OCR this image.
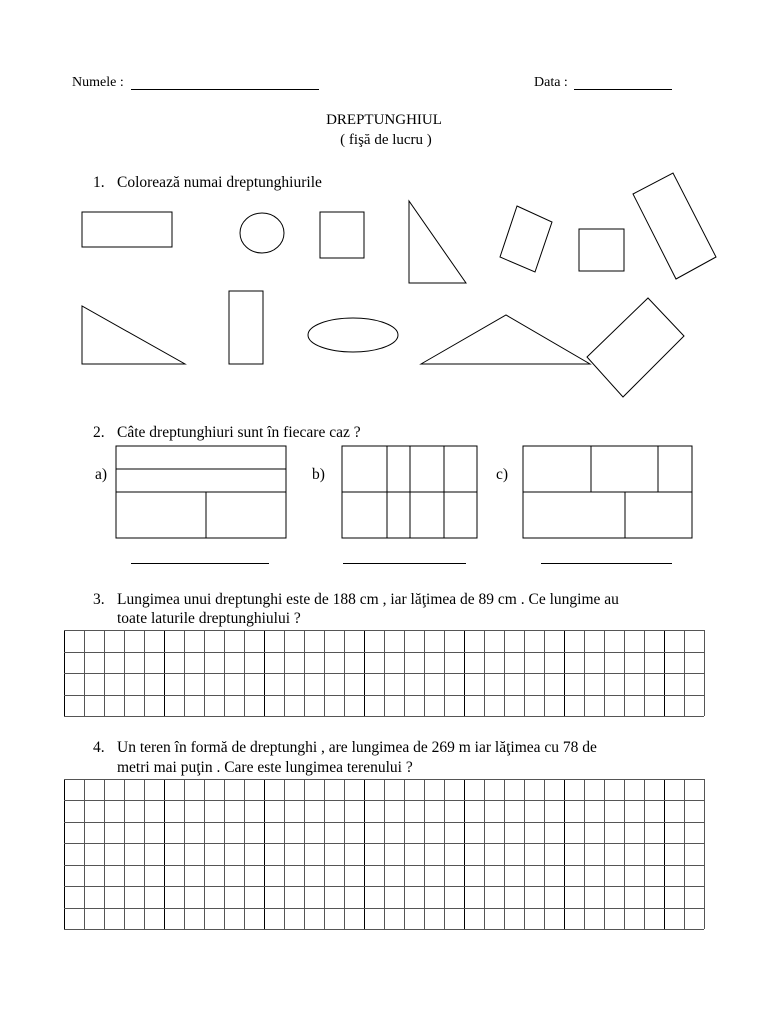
Numele :	Data :
DREPTUNGHIUL
( fişă de lucru )
1. Colorează numai dreptunghiurile
2. Câte dreptunghiuri sunt în fiecare caz ?
a)	b)	c)
3. Lungimea unui dreptunghi este de 188 cm , iar lăţimea de 89 cm . Ce lungime au
toate laturile dreptunghiului ?
4. Un teren în formă de dreptunghi , are lungimea de 269 m iar lăţimea cu 78 de
metri mai puţin . Care este lungimea terenului ?
